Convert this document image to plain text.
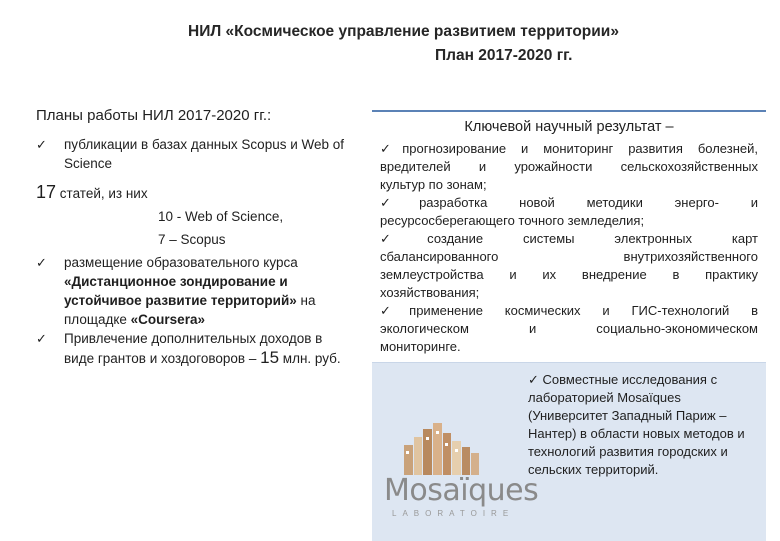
НИЛ «Космическое управление развитием территории»
План 2017-2020 гг.
Планы работы НИЛ 2017-2020 гг.:
✓ публикации в базах данных Scopus и Web of Science
17 статей, из них
10 - Web of Science,
7 – Scopus
✓ размещение образовательного курса «Дистанционное зондирование и устойчивое развитие территорий» на площадке «Coursera»
✓ Привлечение дополнительных доходов в виде грантов и хоздоговоров – 15 млн. руб.
Ключевой научный результат –
✓прогнозирование и мониторинг развития болезней,
вредителей и урожайности сельскохозяйственных
культур по зонам;
✓разработка новой методики энерго- и
ресурсосберегающего точного земледелия;
✓создание системы электронных карт
сбалансированного внутрихозяйственного
землеустройства и их внедрение в практику
хозяйствования;
✓применение космических и ГИС-технологий в
экологическом и социально-экономическом
мониторинге.
Mosaïques
LABORATOIRE
✓ Совместные исследования с лабораторией Mosaïques (Университет Западный Париж – Нантер) в области новых методов и технологий развития городских и сельских территорий.
